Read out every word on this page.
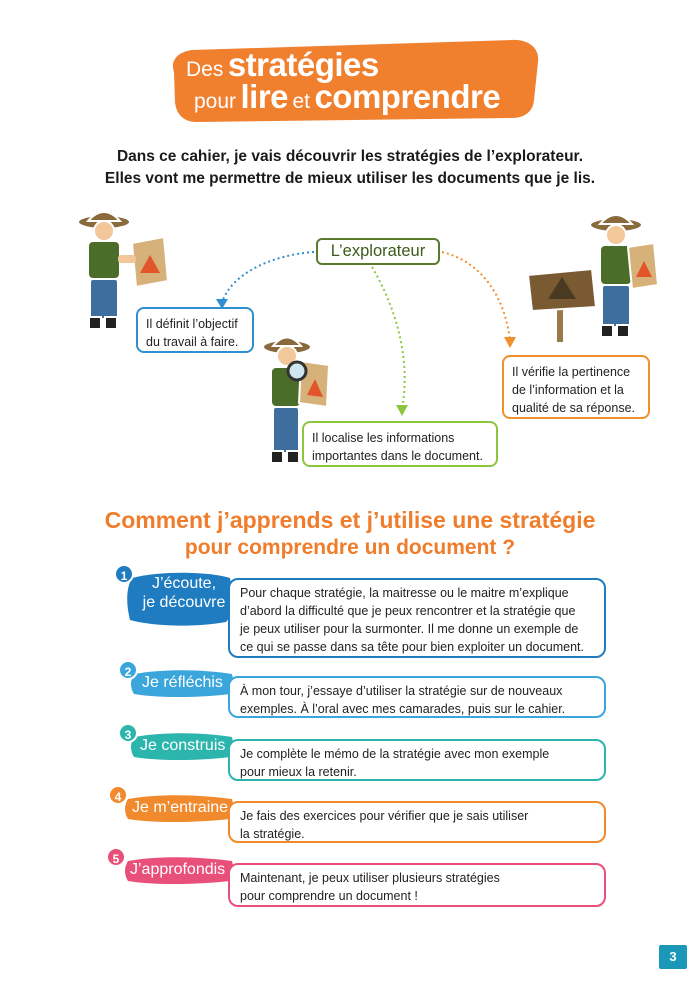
Des stratégies
pour lire et comprendre
Dans ce cahier, je vais découvrir les stratégies de l’explorateur.
Elles vont me permettre de mieux utiliser les documents que je lis.
L’explorateur
Il définit l’objectif
du travail à faire.
Il localise les informations
importantes dans le document.
Il vérifie la pertinence
de l’information et la
qualité de sa réponse.
Comment j’apprends et j’utilise une stratégie
pour comprendre un document ?
1	J’écoute,
je découvre
Pour chaque stratégie, la maitresse ou le maitre m’explique
d’abord la difficulté que je peux rencontrer et la stratégie que
je peux utiliser pour la surmonter. Il me donne un exemple de
ce qui se passe dans sa tête pour bien exploiter un document.
2
Je réfléchis À mon tour, j’essaye d’utiliser la stratégie sur de nouveaux
exemples. À l’oral avec mes camarades, puis sur le cahier.
3
Je construis Je complète le mémo de la stratégie avec mon exemple
pour mieux la retenir.
4
Je m’entraine Je fais des exercices pour vérifier que je sais utiliser
la stratégie.
5
J’approfondis Maintenant, je peux utiliser plusieurs stratégies
pour comprendre un document !
3
